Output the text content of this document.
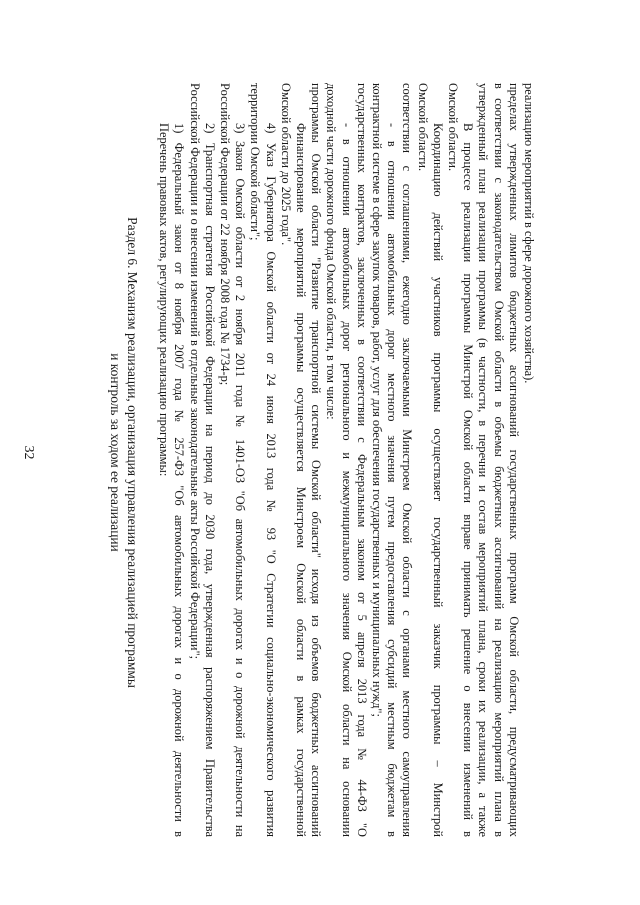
32	Раздел 6. Механизм реализации, организация управления реализацией программы
и контроль за ходом ее реализации	Перечень правовых актов, регулирующих реализацию программы: 1) Федеральный закон от 8 ноября 2007 года № 257-ФЗ "Об автомобильных дорогах и о дорожной деятельности в Российской Федерации и о внесении изменений в отдельные законодательные акты Российской Федерации"; 2) Транспортная стратегия Российской Федерации на период до 2030 года, утвержденная распоряжением Правительства Российской Федерации от 22 ноября 2008 года № 1734-р; 3) Закон Омской области от 2 ноября 2011 года № 1401-ОЗ "Об автомобильных дорогах и о дорожной деятельности на территории Омской области"; 4) Указ Губернатора Омской области от 24 июня 2013 года № 93 "О Стратегии социально-экономического развития Омской области до 2025 года". Финансирование мероприятий программы осуществляется Минстроем Омской области в рамках государственной программы Омской области "Развитие транспортной системы Омской области" исходя из объемов бюджетных ассигнований доходной части дорожного фонда Омской области, в том числе: - в отношении автомобильных дорог регионального и межмуниципального значения Омской области на основании государственных контрактов, заключенных в соответствии с Федеральным законом от 5 апреля 2013 года № 44-ФЗ "О контрактной системе в сфере закупок товаров, работ, услуг для обеспечения государственных и муниципальных нужд"; - в отношении автомобильных дорог местного значения путем предоставления субсидий местным бюджетам в соответствии с соглашениями, ежегодно заключаемыми Минстроем Омской области с органами местного самоуправления Омской области. Координацию действий участников программы осуществляет государственный заказчик программы – Минстрой Омской области. В процессе реализации программы Минстрой Омской области вправе принимать решение о внесении изменений в утвержденный план реализации программы (в частности, в перечни и состав мероприятий плана, сроки их реализации, а также в соответствии с законодательством Омской области в объемы бюджетных ассигнований на реализацию мероприятий плана в пределах утвержденных лимитов бюджетных ассигнований государственных программ Омской области, предусматривающих реализацию мероприятий в сфере дорожного хозяйства).
